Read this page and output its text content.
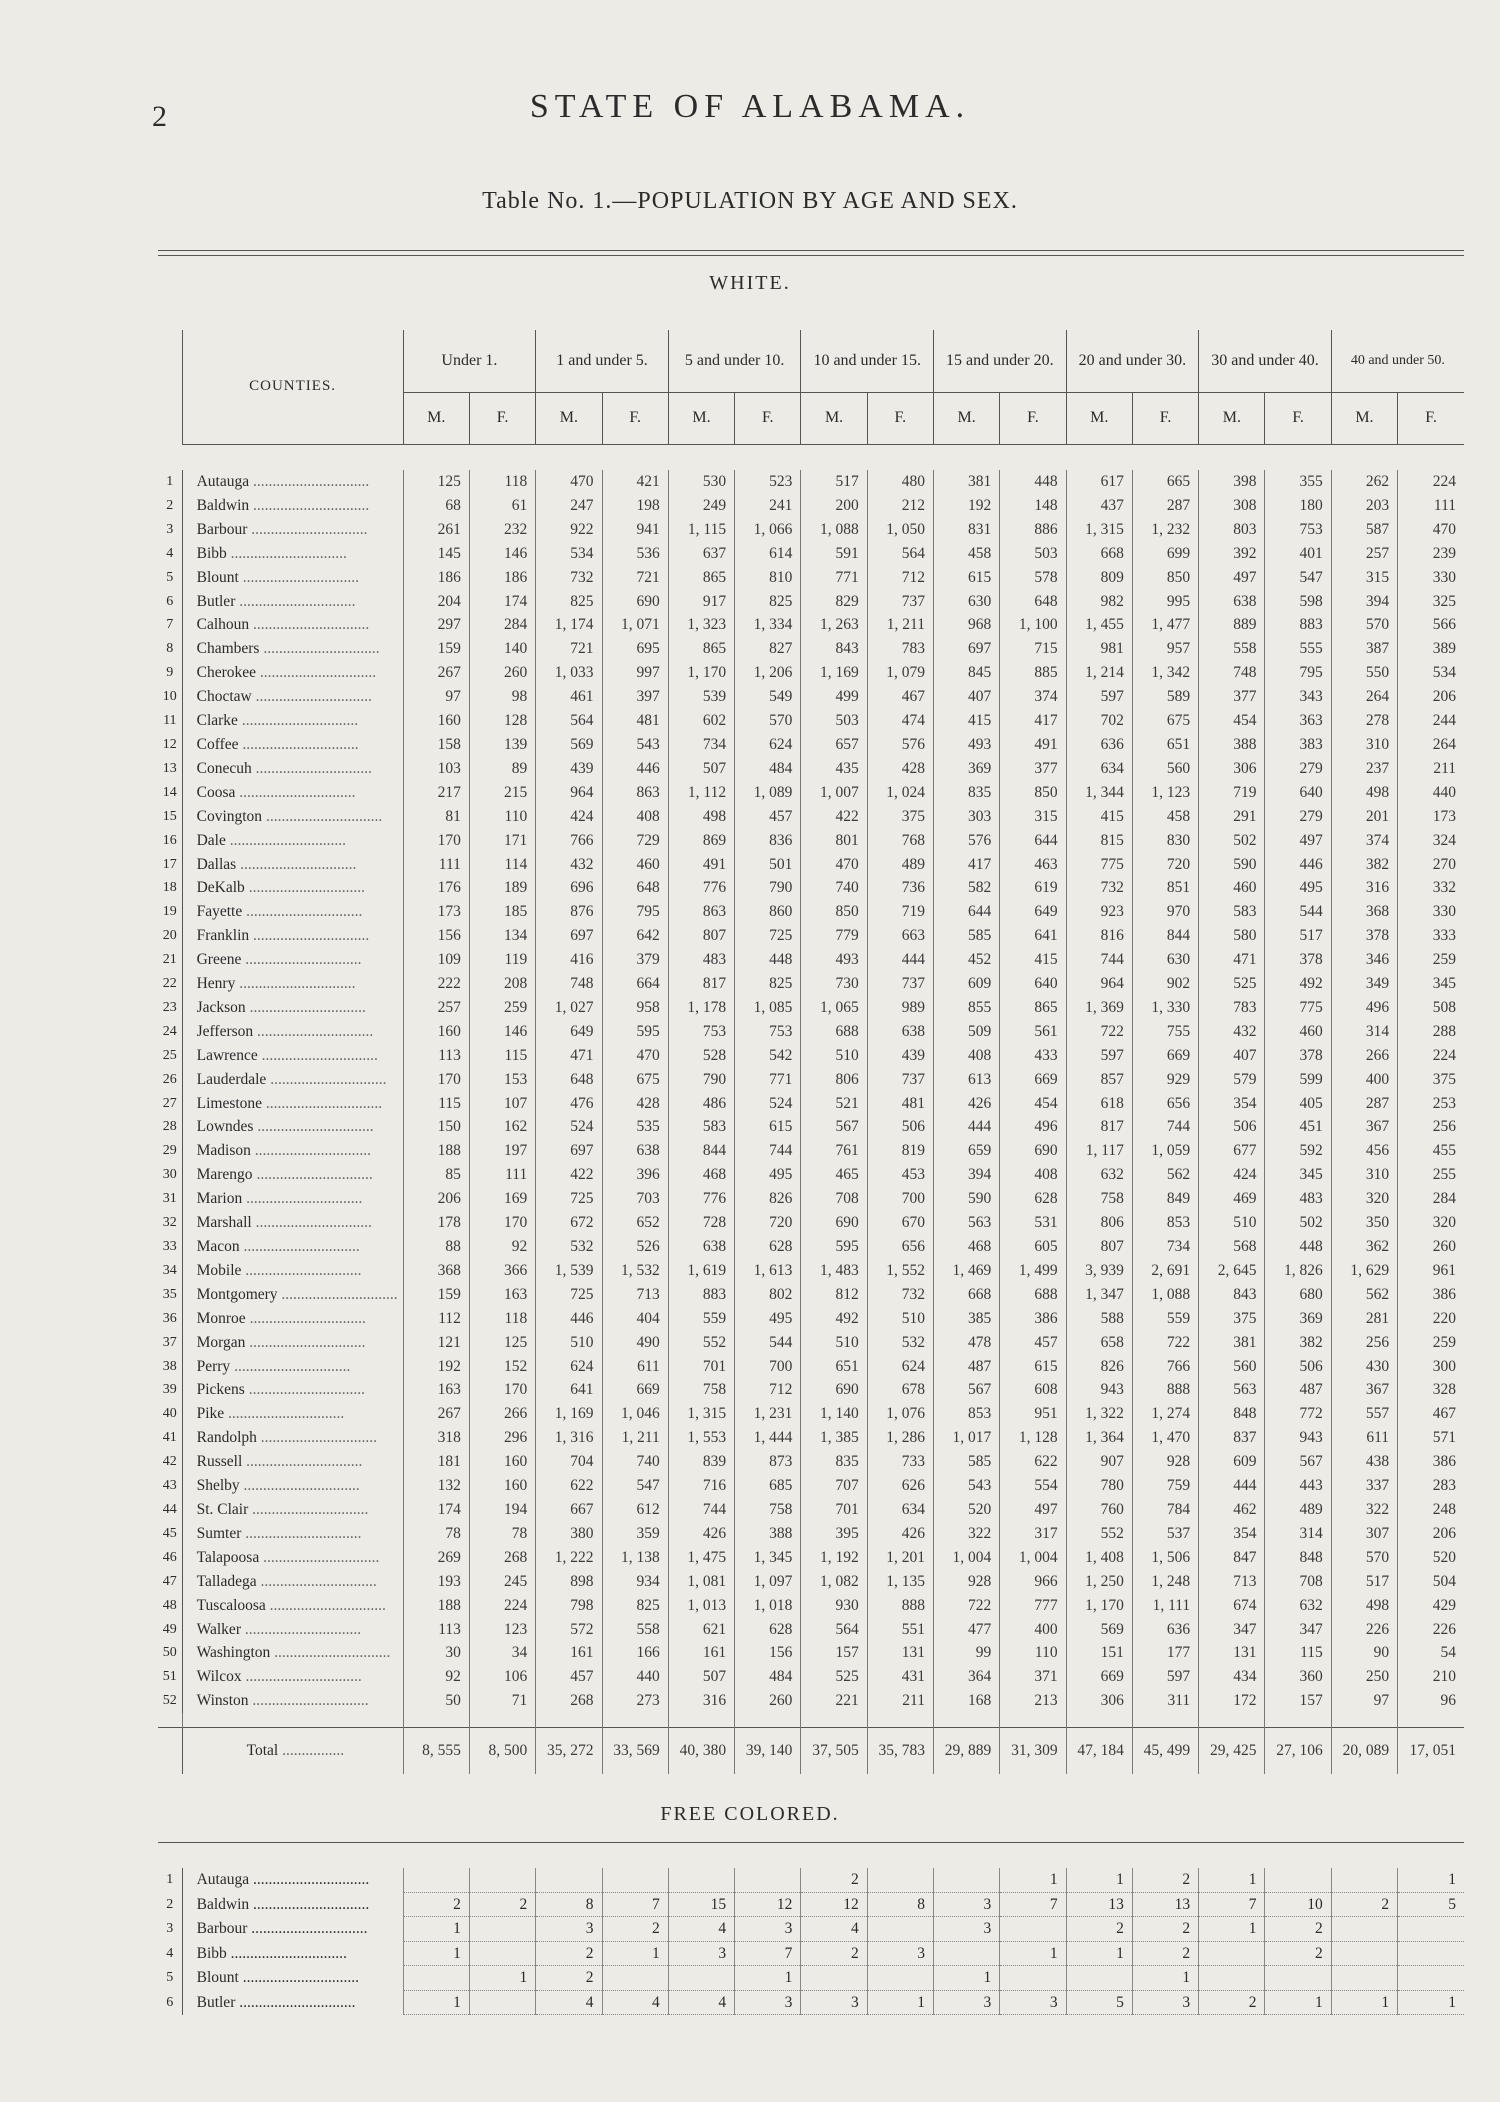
2	STATE OF ALABAMA.
Table No. 1.—POPULATION BY AGE AND SEX.
WHITE.
	COUNTIES.	Under 1.		1 and under 5.		5 and under 10.		10 and under 15.		15 and under 20.		20 and under 30.		30 and under 40.		40 and under 50.	
		M.	F.	M.	F.	M.	F.	M.	F.	M.	F.	M.	F.	M.	F.	M.	F.
1	Autauga ..............................	125	118	470	421	530	523	517	480	381	448	617	665	398	355	262	224
2	Baldwin ..............................	68	61	247	198	249	241	200	212	192	148	437	287	308	180	203	111
3	Barbour ..............................	261	232	922	941	1, 115	1, 066	1, 088	1, 050	831	886	1, 315	1, 232	803	753	587	470
4	Bibb ..............................	145	146	534	536	637	614	591	564	458	503	668	699	392	401	257	239
5	Blount ..............................	186	186	732	721	865	810	771	712	615	578	809	850	497	547	315	330
6	Butler ..............................	204	174	825	690	917	825	829	737	630	648	982	995	638	598	394	325
7	Calhoun ..............................	297	284	1, 174	1, 071	1, 323	1, 334	1, 263	1, 211	968	1, 100	1, 455	1, 477	889	883	570	566
8	Chambers ..............................	159	140	721	695	865	827	843	783	697	715	981	957	558	555	387	389
9	Cherokee ..............................	267	260	1, 033	997	1, 170	1, 206	1, 169	1, 079	845	885	1, 214	1, 342	748	795	550	534
10	Choctaw ..............................	97	98	461	397	539	549	499	467	407	374	597	589	377	343	264	206
11	Clarke ..............................	160	128	564	481	602	570	503	474	415	417	702	675	454	363	278	244
12	Coffee ..............................	158	139	569	543	734	624	657	576	493	491	636	651	388	383	310	264
13	Conecuh ..............................	103	89	439	446	507	484	435	428	369	377	634	560	306	279	237	211
14	Coosa ..............................	217	215	964	863	1, 112	1, 089	1, 007	1, 024	835	850	1, 344	1, 123	719	640	498	440
15	Covington ..............................	81	110	424	408	498	457	422	375	303	315	415	458	291	279	201	173
16	Dale ..............................	170	171	766	729	869	836	801	768	576	644	815	830	502	497	374	324
17	Dallas ..............................	111	114	432	460	491	501	470	489	417	463	775	720	590	446	382	270
18	DeKalb ..............................	176	189	696	648	776	790	740	736	582	619	732	851	460	495	316	332
19	Fayette ..............................	173	185	876	795	863	860	850	719	644	649	923	970	583	544	368	330
20	Franklin ..............................	156	134	697	642	807	725	779	663	585	641	816	844	580	517	378	333
21	Greene ..............................	109	119	416	379	483	448	493	444	452	415	744	630	471	378	346	259
22	Henry ..............................	222	208	748	664	817	825	730	737	609	640	964	902	525	492	349	345
23	Jackson ..............................	257	259	1, 027	958	1, 178	1, 085	1, 065	989	855	865	1, 369	1, 330	783	775	496	508
24	Jefferson ..............................	160	146	649	595	753	753	688	638	509	561	722	755	432	460	314	288
25	Lawrence ..............................	113	115	471	470	528	542	510	439	408	433	597	669	407	378	266	224
26	Lauderdale ..............................	170	153	648	675	790	771	806	737	613	669	857	929	579	599	400	375
27	Limestone ..............................	115	107	476	428	486	524	521	481	426	454	618	656	354	405	287	253
28	Lowndes ..............................	150	162	524	535	583	615	567	506	444	496	817	744	506	451	367	256
29	Madison ..............................	188	197	697	638	844	744	761	819	659	690	1, 117	1, 059	677	592	456	455
30	Marengo ..............................	85	111	422	396	468	495	465	453	394	408	632	562	424	345	310	255
31	Marion ..............................	206	169	725	703	776	826	708	700	590	628	758	849	469	483	320	284
32	Marshall ..............................	178	170	672	652	728	720	690	670	563	531	806	853	510	502	350	320
33	Macon ..............................	88	92	532	526	638	628	595	656	468	605	807	734	568	448	362	260
34	Mobile ..............................	368	366	1, 539	1, 532	1, 619	1, 613	1, 483	1, 552	1, 469	1, 499	3, 939	2, 691	2, 645	1, 826	1, 629	961
35	Montgomery ..............................	159	163	725	713	883	802	812	732	668	688	1, 347	1, 088	843	680	562	386
36	Monroe ..............................	112	118	446	404	559	495	492	510	385	386	588	559	375	369	281	220
37	Morgan ..............................	121	125	510	490	552	544	510	532	478	457	658	722	381	382	256	259
38	Perry ..............................	192	152	624	611	701	700	651	624	487	615	826	766	560	506	430	300
39	Pickens ..............................	163	170	641	669	758	712	690	678	567	608	943	888	563	487	367	328
40	Pike ..............................	267	266	1, 169	1, 046	1, 315	1, 231	1, 140	1, 076	853	951	1, 322	1, 274	848	772	557	467
41	Randolph ..............................	318	296	1, 316	1, 211	1, 553	1, 444	1, 385	1, 286	1, 017	1, 128	1, 364	1, 470	837	943	611	571
42	Russell ..............................	181	160	704	740	839	873	835	733	585	622	907	928	609	567	438	386
43	Shelby ..............................	132	160	622	547	716	685	707	626	543	554	780	759	444	443	337	283
44	St. Clair ..............................	174	194	667	612	744	758	701	634	520	497	760	784	462	489	322	248
45	Sumter ..............................	78	78	380	359	426	388	395	426	322	317	552	537	354	314	307	206
46	Talapoosa ..............................	269	268	1, 222	1, 138	1, 475	1, 345	1, 192	1, 201	1, 004	1, 004	1, 408	1, 506	847	848	570	520
47	Talladega ..............................	193	245	898	934	1, 081	1, 097	1, 082	1, 135	928	966	1, 250	1, 248	713	708	517	504
48	Tuscaloosa ..............................	188	224	798	825	1, 013	1, 018	930	888	722	777	1, 170	1, 111	674	632	498	429
49	Walker ..............................	113	123	572	558	621	628	564	551	477	400	569	636	347	347	226	226
50	Washington ..............................	30	34	161	166	161	156	157	131	99	110	151	177	131	115	90	54
51	Wilcox ..............................	92	106	457	440	507	484	525	431	364	371	669	597	434	360	250	210
52	Winston ..............................	50	71	268	273	316	260	221	211	168	213	306	311	172	157	97	96

	Total ................	8, 555	8, 500	35, 272	33, 569	40, 380	39, 140	37, 505	35, 783	29, 889	31, 309	47, 184	45, 499	29, 425	27, 106	20, 089	17, 051
FREE COLORED.
1	Autauga ..............................							2			1	1	2	1			1
2	Baldwin ..............................	2	2	8	7	15	12	12	8	3	7	13	13	7	10	2	5
3	Barbour ..............................	1		3	2	4	3	4		3		2	2	1	2		
4	Bibb ..............................	1		2	1	3	7	2	3		1	1	2		2		
5	Blount ..............................		1	2			1			1			1				
6	Butler ..............................	1		4	4	4	3	3	1	3	3	5	3	2	1	1	1
